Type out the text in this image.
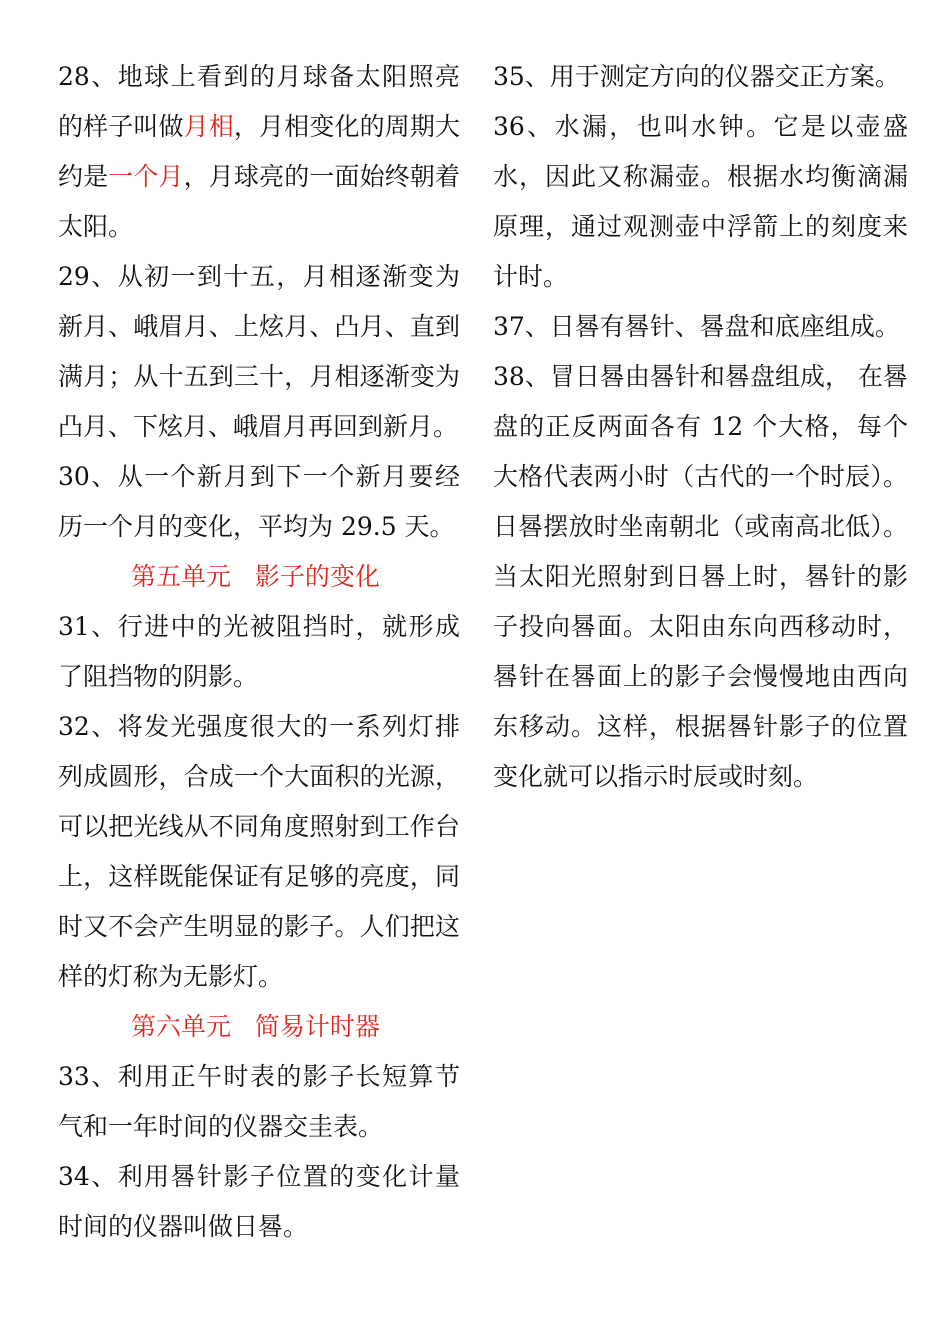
28、地球上看到的月球备太阳照亮的样子叫做月相，月相变化的周期大约是一个月，月球亮的一面始终朝着太阳。

29、从初一到十五，月相逐渐变为新月、峨眉月、上炫月、凸月、直到满月；从十五到三十，月相逐渐变为凸月、下炫月、峨眉月再回到新月。

30、从一个新月到下一个新月要经历一个月的变化，平均为 29.5 天。

第五单元   影子的变化

31、行进中的光被阻挡时，就形成了阻挡物的阴影。

32、将发光强度很大的一系列灯排列成圆形，合成一个大面积的光源，可以把光线从不同角度照射到工作台上，这样既能保证有足够的亮度，同时又不会产生明显的影子。人们把这样的灯称为无影灯。

第六单元   简易计时器

33、利用正午时表的影子长短算节气和一年时间的仪器交圭表。

34、利用晷针影子位置的变化计量时间的仪器叫做日晷。

35、用于测定方向的仪器交正方案。

36、水漏，也叫水钟。它是以壶盛水，因此又称漏壶。根据水均衡滴漏原理，通过观测壶中浮箭上的刻度来计时。

37、日晷有晷针、晷盘和底座组成。

38、冒日晷由晷针和晷盘组成， 在晷盘的正反两面各有 12 个大格，每个大格代表两小时（古代的一个时辰）。日晷摆放时坐南朝北（或南高北低）。当太阳光照射到日晷上时，晷针的影子投向晷面。太阳由东向西移动时，晷针在晷面上的影子会慢慢地由西向东移动。这样，根据晷针影子的位置变化就可以指示时辰或时刻。
